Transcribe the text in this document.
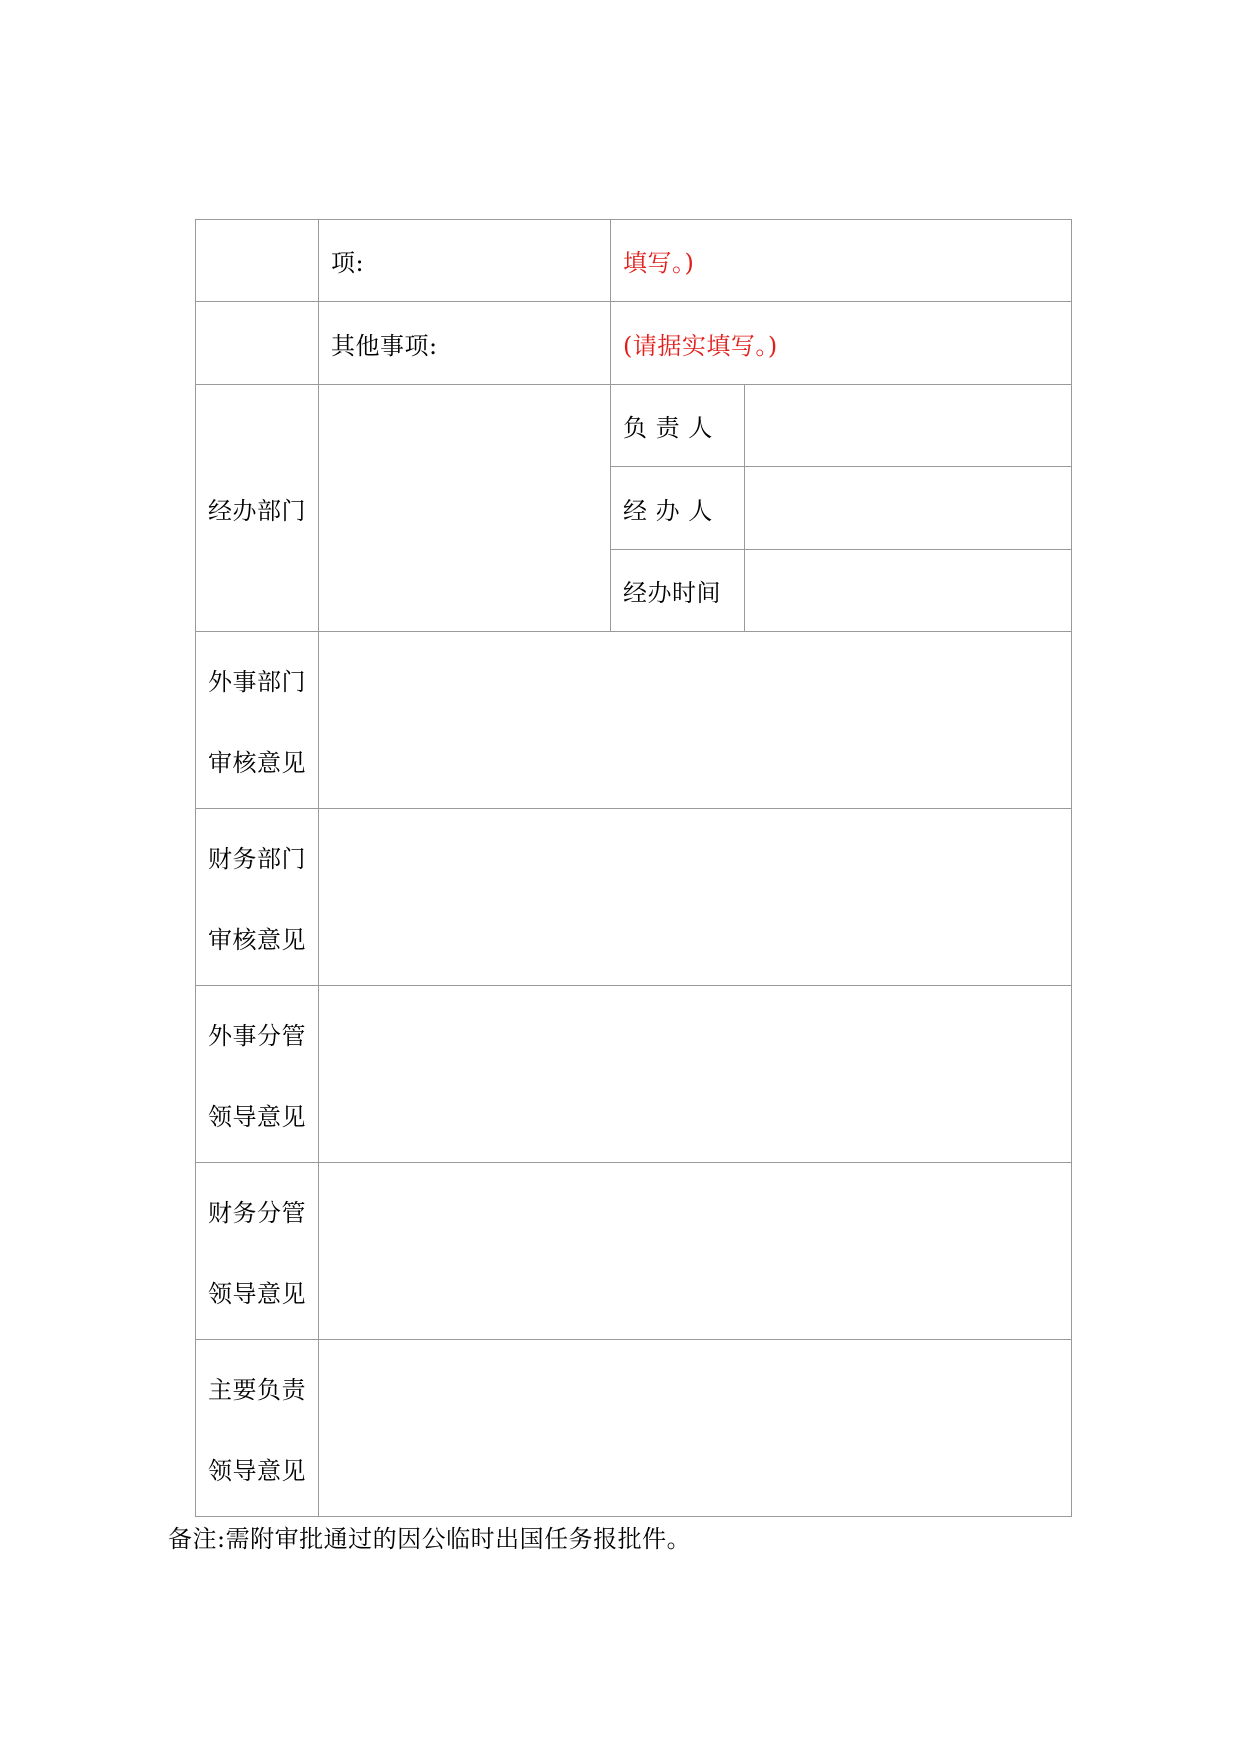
	项:	填写。)	
	其他事项:	(请据实填写。)	
经办部门		负 责 人	
		经 办 人	
		经办时间	

外事部门
审核意见			

财务部门
审核意见			

外事分管
领导意见			

财务分管
领导意见			

主要负责
领导意见			

备注:需附审批通过的因公临时出国任务报批件。
